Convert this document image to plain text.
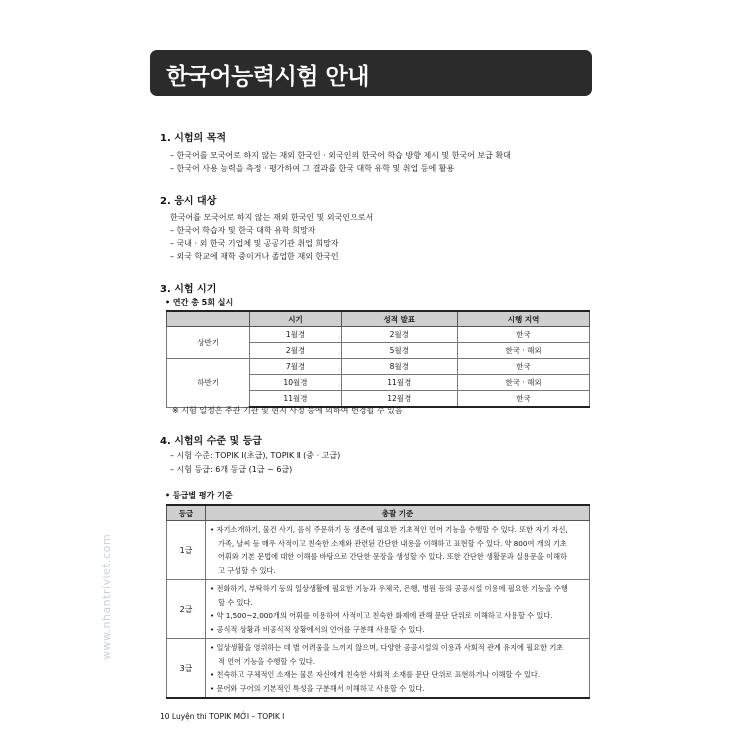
한국어능력시험 안내
1. 시험의 목적
– 한국어를 모국어로 하지 않는 재외 한국인 · 외국인의 한국어 학습 방향 제시 및 한국어 보급 확대
– 한국어 사용 능력을 측정 · 평가하여 그 결과를 한국 대학 유학 및 취업 등에 활용
2. 응시 대상
한국어를 모국어로 하지 않는 재외 한국인 및 외국인으로서
– 한국어 학습자 및 한국 대학 유학 희망자
– 국내 · 외 한국 기업체 및 공공기관 취업 희망자
– 외국 학교에 재학 중이거나 졸업한 재외 한국인
3. 시험 시기
• 연간 총 5회 실시
	시기	성적 발표	시행 지역
상반기	1월경	2월경	한국
	2월경	5월경	한국 · 해외
하반기	7월경	8월경	한국
	10월경	11월경	한국 · 해외
	11월경	12월경	한국
※ 시험 일정은 주관 기관 및 현지 사정 등에 의하여 변경될 수 있음
4. 시험의 수준 및 등급
– 시험 수준: TOPIK Ⅰ(초급), TOPIK Ⅱ (중 · 고급)
– 시험 등급: 6개 등급 (1급 ~ 6급)
• 등급별 평가 기준
등급	총괄 기준
1급	• 자기소개하기, 물건 사기, 음식 주문하기 등 생존에 필요한 기초적인 언어 기능을 수행할 수 있다. 또한 자기 자신,
가족, 날씨 등 매우 사적이고 친숙한 소재와 관련된 간단한 내용을 이해하고 표현할 수 있다. 약 800여 개의 기초
어휘와 기본 문법에 대한 이해를 바탕으로 간단한 문장을 생성할 수 있다. 또한 간단한 생활문과 실용문을 이해하
고 구성할 수 있다.

2급	• 전화하기, 부탁하기 등의 일상생활에 필요한 기능과 우체국, 은행, 병원 등의 공공시설 이용에 필요한 기능을 수행
할 수 있다.
• 약 1,500~2,000개의 어휘를 이용하여 사적이고 친숙한 화제에 관해 문단 단위로 이해하고 사용할 수 있다.
• 공식적 상황과 비공식적 상황에서의 언어를 구분해 사용할 수 있다.

3급	• 일상생활을 영위하는 데 별 어려움을 느끼지 않으며, 다양한 공공시설의 이용과 사회적 관계 유지에 필요한 기초
적 언어 기능을 수행할 수 있다.
• 친숙하고 구체적인 소재는 물론 자신에게 친숙한 사회적 소재를 문단 단위로 표현하거나 이해할 수 있다.
• 문어와 구어의 기본적인 특성을 구분해서 이해하고 사용할 수 있다.
10 Luyện thi TOPIK MỚI – TOPIK I
www.nhantriviet.com
